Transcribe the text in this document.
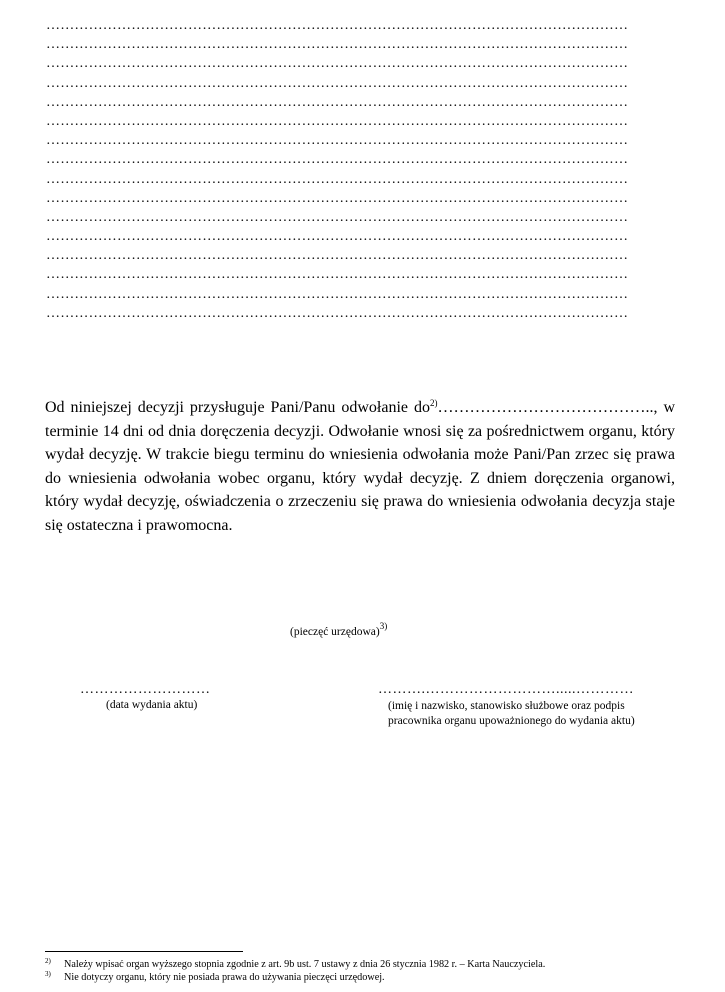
……………………………………………………………………………………………………………
……………………………………………………………………………………………………………
……………………………………………………………………………………………………………
……………………………………………………………………………………………………………
……………………………………………………………………………………………………………
……………………………………………………………………………………………………………
……………………………………………………………………………………………………………
……………………………………………………………………………………………………………
……………………………………………………………………………………………………………
……………………………………………………………………………………………………………
……………………………………………………………………………………………………………
……………………………………………………………………………………………………………
……………………………………………………………………………………………………………
……………………………………………………………………………………………………………
……………………………………………………………………………………………………………
……………………………………………………………………………………………………………
Od niniejszej decyzji przysługuje Pani/Panu odwołanie $do^{2)}\dots\dots\dots\dots\dots\dots\dots\dots\dots\dots\dots\dots\dots$.., w terminie 14 dni od dnia doręczenia decyzji. Odwołanie wnosi się za pośrednictwem organu, który wydał decyzję. W trakcie biegu terminu do wniesienia odwołania może Pani/Pan zrzec się prawa do wniesienia odwołania wobec organu, który wydał decyzję. Z dniem doręczenia organowi, który wydał decyzję, oświadczenia o zrzeczeniu się prawa do wniesienia odwołania decyzja staje się ostateczna i prawomocna.
(pieczęć urzędowa)$^{3)}$
………………………
(data wydania aktu)
……….……………………….....…………
(imię i nazwisko, stanowisko służbowe oraz podpis
pracownika organu upoważnionego do wydania aktu)
$^{2)}$	Należy wpisać organ wyższego stopnia zgodnie z art. 9b ust. 7 ustawy z dnia 26 stycznia 1982 r. – Karta Nauczyciela.
$^{3)}$	Nie dotyczy organu, który nie posiada prawa do używania pieczęci urzędowej.
